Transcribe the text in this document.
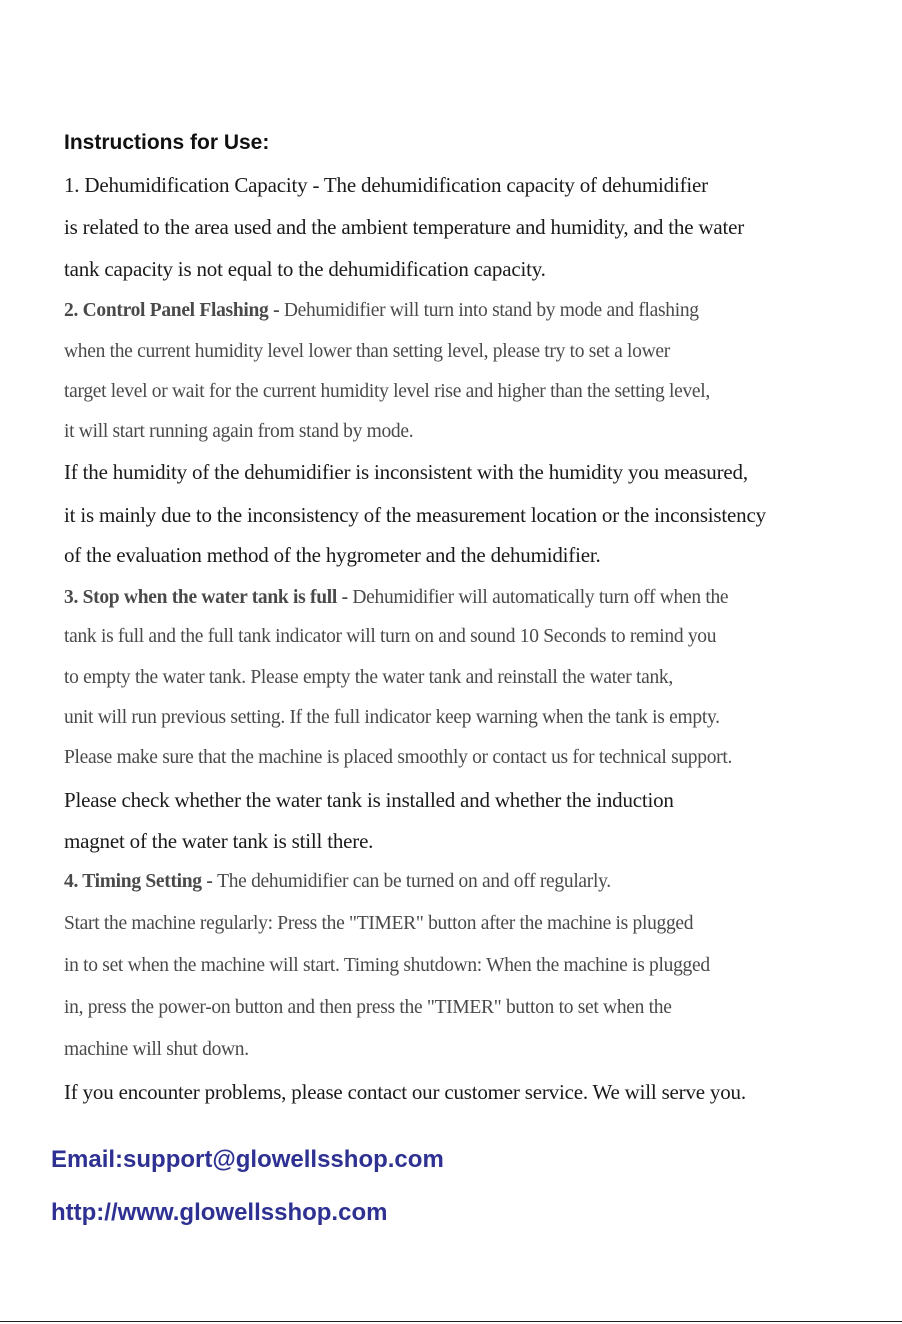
Instructions for Use:

1. Dehumidification Capacity - The dehumidification capacity of dehumidifier

is related to the area used and the ambient temperature and humidity, and the water

tank capacity is not equal to the dehumidification capacity.

2. Control Panel Flashing - Dehumidifier will turn into stand by mode and flashing

when the current humidity level lower than setting level, please try to set a lower

target level or wait for the current humidity level rise and higher than the setting level,

it will start running again from stand by mode.

If the humidity of the dehumidifier is inconsistent with the humidity you measured,

it is mainly due to the inconsistency of the measurement location or the inconsistency

of the evaluation method of the hygrometer and the dehumidifier.

3. Stop when the water tank is full - Dehumidifier will automatically turn off when the

tank is full and the full tank indicator will turn on and sound 10 Seconds to remind you

to empty the water tank. Please empty the water tank and reinstall the water tank,

unit will run previous setting. If the full indicator keep warning when the tank is empty.

Please make sure that the machine is placed smoothly or contact us for technical support.

Please check whether the water tank is installed and whether the induction

magnet of the water tank is still there.

4. Timing Setting - The dehumidifier can be turned on and off regularly.

Start the machine regularly: Press the "TIMER" button after the machine is plugged

in to set when the machine will start. Timing shutdown: When the machine is plugged

in, press the power-on button and then press the "TIMER" button to set when the

machine will shut down.

If you encounter problems, please contact our customer service. We will serve you.

Email:support@glowellsshop.com
http://www.glowellsshop.com
